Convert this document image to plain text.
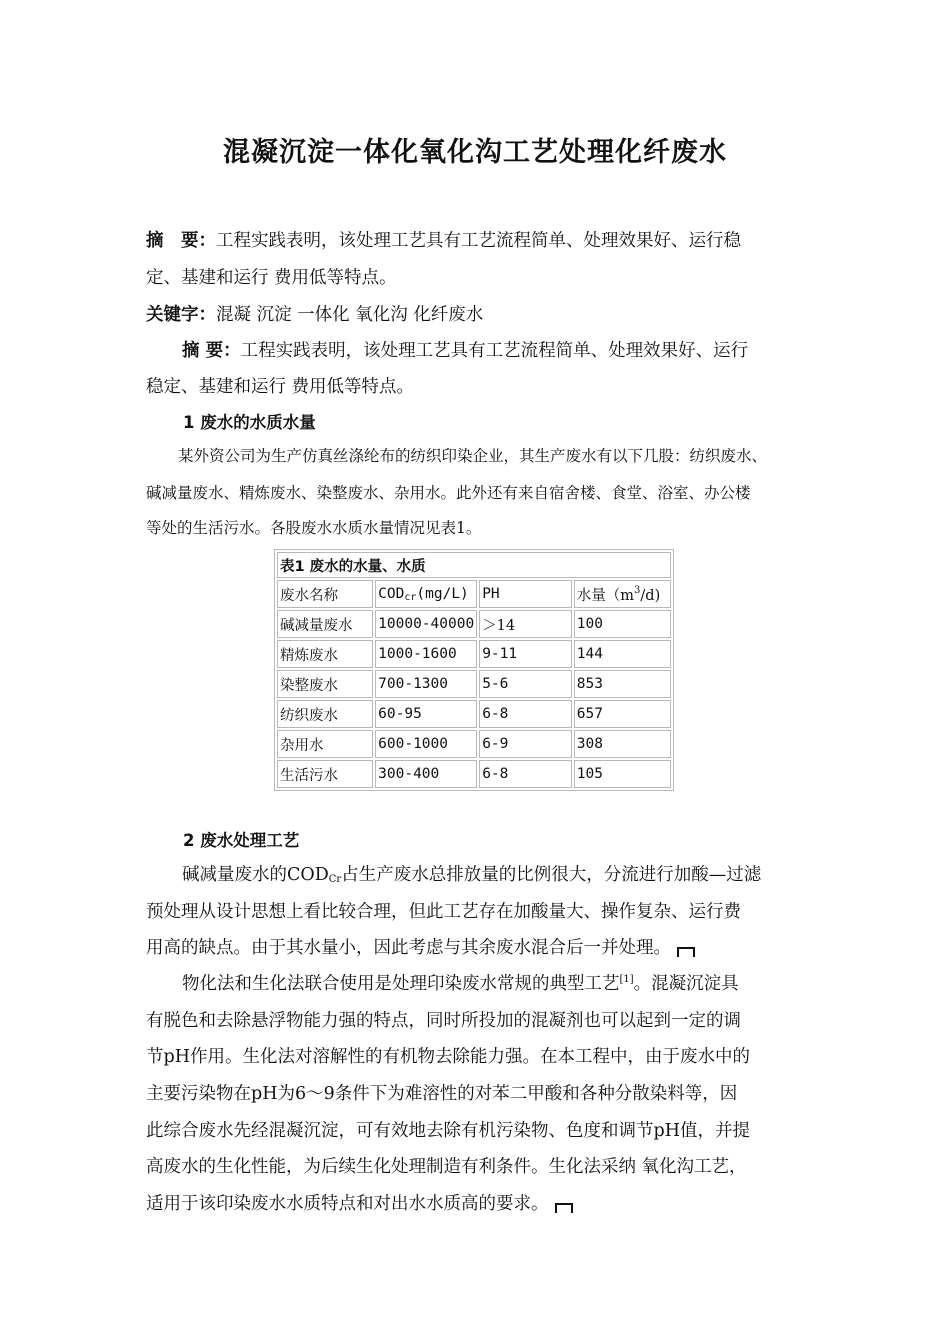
混凝沉淀一体化氧化沟工艺处理化纤废水
摘　要：工程实践表明，该处理工艺具有工艺流程简单、处理效果好、运行稳
定、基建和运行 费用低等特点。
关键字：混凝 沉淀 一体化 氧化沟 化纤废水
摘 要：工程实践表明，该处理工艺具有工艺流程简单、处理效果好、运行
稳定、基建和运行 费用低等特点。
1 废水的水质水量
某外资公司为生产仿真丝涤纶布的纺织印染企业，其生产废水有以下几股：纺织废水、
碱减量废水、精炼废水、染整废水、杂用水。此外还有来自宿舍楼、食堂、浴室、办公楼
等处的生活污水。各股废水水质水量情况见表1。
表1 废水的水量、水质			
废水名称	$COD_{cr}(mg/L)$	PH	水量$(m^3/d)$
碱减量废水	10000-40000	＞14	100
精炼废水	1000-1600	9-11	144
染整废水	700-1300	5-6	853
纺织废水	60-95	6-8	657
杂用水	600-1000	6-9	308
生活污水	300-400	6-8	105
2 废水处理工艺
碱减量废水的$COD_{Cr}$占生产废水总排放量的比例很大，分流进行加酸—过滤
预处理从设计思想上看比较合理，但此工艺存在加酸量大、操作复杂、运行费
用高的缺点。由于其水量小，因此考虑与其余废水混合后一并处理。
物化法和生化法联合使用是处理印染废水常规的典型工艺[1]。混凝沉淀具
有脱色和去除悬浮物能力强的特点，同时所投加的混凝剂也可以起到一定的调
节pH作用。生化法对溶解性的有机物去除能力强。在本工程中，由于废水中的
主要污染物在pH为6～9条件下为难溶性的对苯二甲酸和各种分散染料等，因
此综合废水先经混凝沉淀，可有效地去除有机污染物、色度和调节pH值，并提
高废水的生化性能，为后续生化处理制造有利条件。生化法采纳 氧化沟工艺，
适用于该印染废水水质特点和对出水水质高的要求。
